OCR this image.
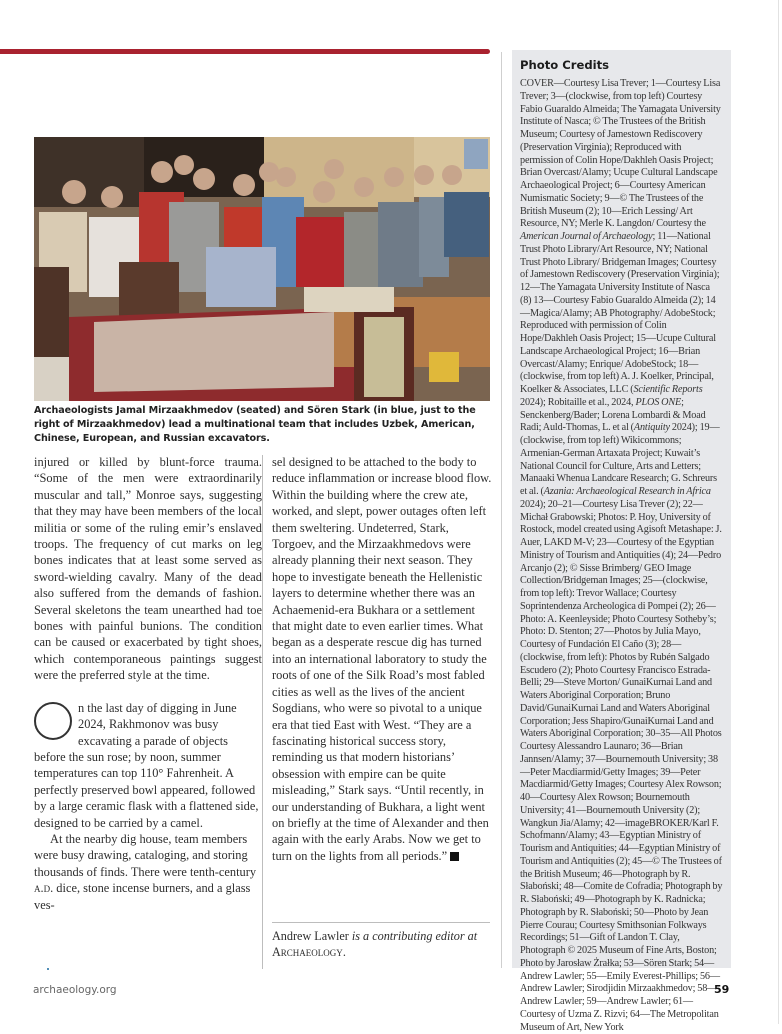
Archaeologists Jamal Mirzaakhmedov (seated) and Sören Stark (in blue, just to the right of Mirzaakhmedov) lead a multinational team that includes Uzbek, American, Chinese, European, and Russian excavators.

injured or killed by blunt-force trauma. “Some of the men were extraordinarily muscular and tall,” Monroe says, suggesting that they may have been members of the local militia or some of the ruling emir’s enslaved troops. The frequency of cut marks on leg bones indicates that at least some served as sword-wielding cavalry. Many of the dead also suffered from the demands of fashion. Several skeletons the team unearthed had toe bones with painful bunions. The condition can be caused or exacerbated by tight shoes, which contemporaneous paintings suggest were the preferred style at the time.

n the last day of digging in June 2024, Rakhmonov was busy excavating a parade of objects before the sun rose; by noon, summer temperatures can top 110° Fahrenheit. A perfectly preserved bowl appeared, followed by a large ceramic flask with a flattened side, designed to be carried by a camel.

At the nearby dig house, team members were busy drawing, cataloging, and storing thousands of finds. There were tenth-century a.d. dice, stone incense burners, and a glass ves-

sel designed to be attached to the body to reduce inflammation or increase blood flow. Within the building where the crew ate, worked, and slept, power outages often left them sweltering. Undeterred, Stark, Torgoev, and the Mirzaakhmedovs were already planning their next season. They hope to investigate beneath the Hellenistic layers to determine whether there was an Achaemenid-era Bukhara or a settlement that might date to even earlier times. What began as a desperate rescue dig has turned into an international laboratory to study the roots of one of the Silk Road’s most fabled cities as well as the lives of the ancient Sogdians, who were so pivotal to a unique era that tied East with West. “They are a fascinating historical success story, reminding us that modern historians’ obsession with empire can be quite misleading,” Stark says. “Until recently, in our understanding of Bukhara, a light went on briefly at the time of Alexander and then again with the early Arabs. Now we get to turn on the lights from all periods.”

Andrew Lawler is a contributing editor at Archaeology.
Photo Credits
COVER—Courtesy Lisa Trever; 1—Courtesy Lisa Trever; 3—(clockwise, from top left) Courtesy Fabio Guaraldo Almeida; The Yamagata University Institute of Nasca; © The Trustees of the British Museum; Courtesy of Jamestown Rediscovery (Preservation Virginia); Reproduced with permission of Colin Hope/Dakhleh Oasis Project; Brian Overcast/Alamy; Ucupe Cultural Landscape Archaeological Project; 6—Courtesy American Numismatic Society; 9—© The Trustees of the British Museum (2); 10—Erich Lessing/ Art Resource, NY; Merle K. Langdon/ Courtesy the American Journal of Archaeology; 11—National Trust Photo Library/Art Resource, NY; National Trust Photo Library/ Bridgeman Images; Courtesy of Jamestown Rediscovery (Preservation Virginia); 12—The Yamagata University Institute of Nasca (8) 13—Courtesy Fabio Guaraldo Almeida (2); 14—Magica/Alamy; AB Photography/ AdobeStock; Reproduced with permission of Colin Hope/Dakhleh Oasis Project; 15—Ucupe Cultural Landscape Archaeological Project; 16—Brian Overcast/Alamy; Enrique/ AdobeStock; 18—(clockwise, from top left) A. J. Koelker, Principal, Koelker & Associates, LLC (Scientific Reports 2024); Robitaille et al., 2024, PLOS ONE; Senckenberg/Bader; Lorena Lombardi & Moad Radi; Auld-Thomas, L. et al (Antiquity 2024); 19—(clockwise, from top left) Wikicommons; Armenian-German Artaxata Project; Kuwait’s National Council for Culture, Arts and Letters; Manaaki Whenua Landcare Research; G. Schreurs et al. (Azania: Archaeological Research in Africa 2024); 20–21—Courtesy Lisa Trever (2); 22—Michał Grabowski; Photos: P. Hoy, University of Rostock, model created using Agisoft Metashape: J. Auer, LAKD M-V; 23—Courtesy of the Egyptian Ministry of Tourism and Antiquities (4); 24—Pedro Arcanjo (2); © Sisse Brimberg/ GEO Image Collection/Bridgeman Images; 25—(clockwise, from top left): Trevor Wallace; Courtesy Soprintendenza Archeologica di Pompei (2); 26—Photo: A. Keenleyside; Photo Courtesy Sotheby’s; Photo: D. Stenton; 27—Photos by Julia Mayo, Courtesy of Fundación El Caño (3); 28—(clockwise, from left): Photos by Rubén Salgado Escudero (2); Photo Courtesy Francisco Estrada-Belli; 29—Steve Morton/ GunaiKurnai Land and Waters Aboriginal Corporation; Bruno David/GunaiKurnai Land and Waters Aboriginal Corporation; Jess Shapiro/GunaiKurnai Land and Waters Aboriginal Corporation; 30–35—All Photos Courtesy Alessandro Launaro; 36—Brian Jannsen/Alamy; 37—Bournemouth University; 38—Peter Macdiarmid/Getty Images; 39—Peter Macdiarmid/Getty Images; Courtesy Alex Rowson; 40—Courtesy Alex Rowson; Bournemouth University; 41—Bournemouth University (2); Wangkun Jia/Alamy; 42—imageBROKER/Karl F. Schofmann/Alamy; 43—Egyptian Ministry of Tourism and Antiquities; 44—Egyptian Ministry of Tourism and Antiquities (2); 45—© The Trustees of the British Museum; 46—Photograph by R. Słaboński; 48—Comite de Cofradia; Photograph by R. Słaboński; 49—Photograph by K. Radnicka; Photograph by R. Słaboński; 50—Photo by Jean Pierre Courau; Courtesy Smithsonian Folkways Recordings; 51—Gift of Landon T. Clay, Photograph © 2025 Museum of Fine Arts, Boston; Photo by Jarosław Żrałka; 53—Sören Stark; 54—Andrew Lawler; 55—Emily Everest-Phillips; 56—Andrew Lawler; Sirodjidin Mirzaakhmedov; 58—Andrew Lawler; 59—Andrew Lawler; 61—Courtesy of Uzma Z. Rizvi; 64—The Metropolitan Museum of Art, New York
archaeology.org	59
